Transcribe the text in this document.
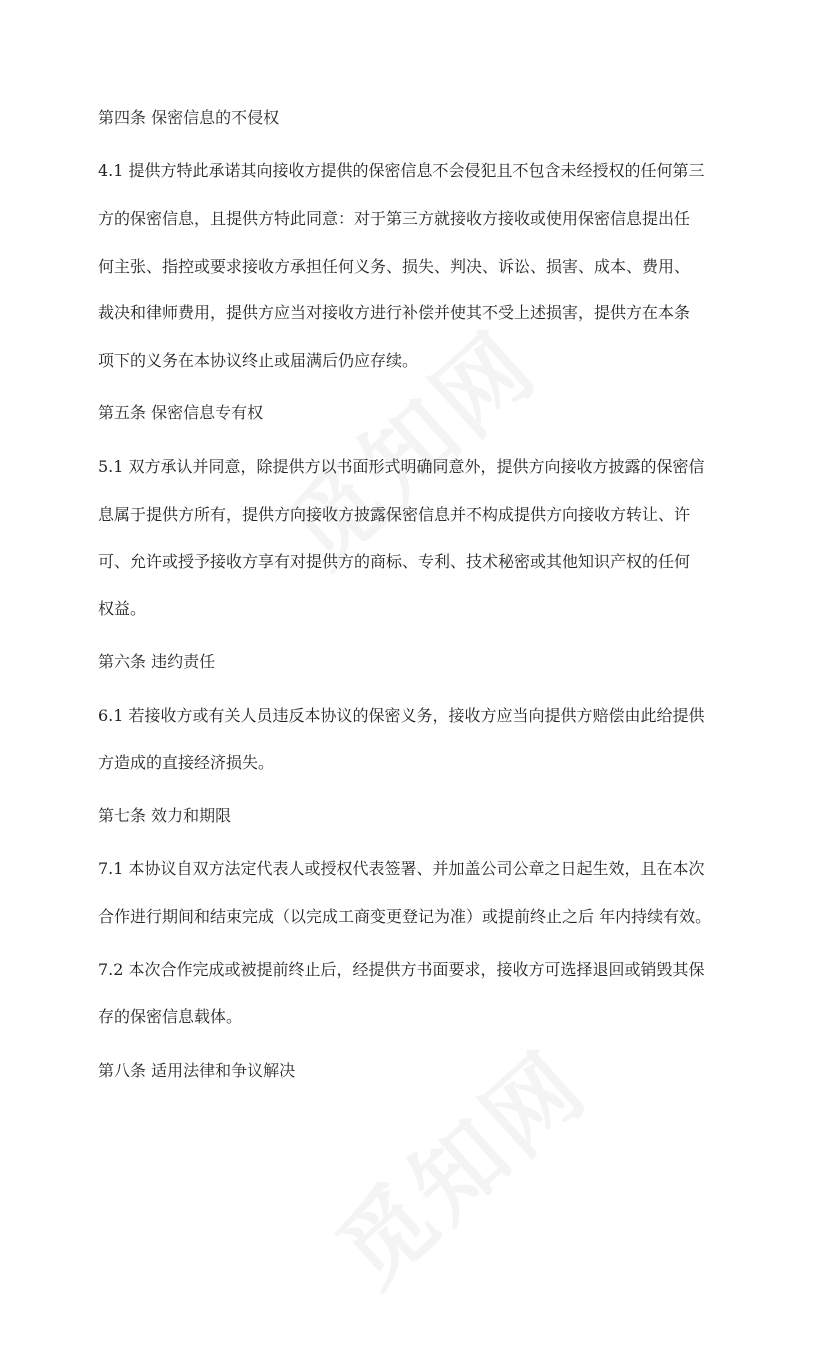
第四条 保密信息的不侵权
4.1 提供方特此承诺其向接收方提供的保密信息不会侵犯且不包含未经授权的任何第三
方的保密信息，且提供方特此同意：对于第三方就接收方接收或使用保密信息提出任
何主张、指控或要求接收方承担任何义务、损失、判决、诉讼、损害、成本、费用、
裁决和律师费用，提供方应当对接收方进行补偿并使其不受上述损害，提供方在本条
项下的义务在本协议终止或届满后仍应存续。
第五条 保密信息专有权
5.1 双方承认并同意，除提供方以书面形式明确同意外，提供方向接收方披露的保密信
息属于提供方所有，提供方向接收方披露保密信息并不构成提供方向接收方转让、许
可、允许或授予接收方享有对提供方的商标、专利、技术秘密或其他知识产权的任何
权益。
第六条 违约责任
6.1 若接收方或有关人员违反本协议的保密义务，接收方应当向提供方赔偿由此给提供
方造成的直接经济损失。
第七条 效力和期限
7.1 本协议自双方法定代表人或授权代表签署、并加盖公司公章之日起生效，且在本次
合作进行期间和结束完成（以完成工商变更登记为准）或提前终止之后 年内持续有效。
7.2 本次合作完成或被提前终止后，经提供方书面要求，接收方可选择退回或销毁其保
存的保密信息载体。
第八条 适用法律和争议解决
